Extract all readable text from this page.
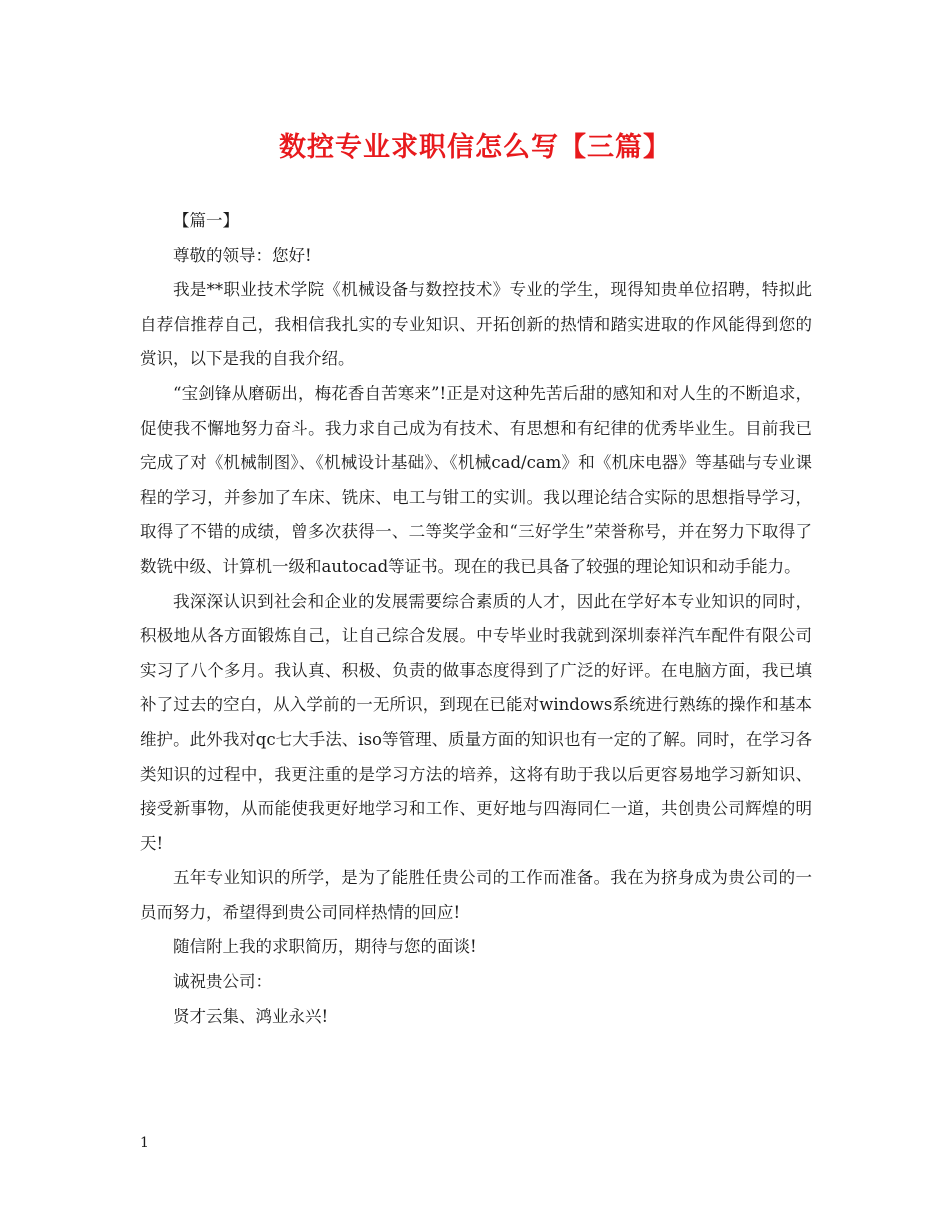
数控专业求职信怎么写【三篇】

【篇一】

尊敬的领导：您好!

我是**职业技术学院《机械设备与数控技术》专业的学生，现得知贵单位招聘，特拟此自荐信推荐自己，我相信我扎实的专业知识、开拓创新的热情和踏实进取的作风能得到您的赏识，以下是我的自我介绍。

“宝剑锋从磨砺出，梅花香自苦寒来”!正是对这种先苦后甜的感知和对人生的不断追求，促使我不懈地努力奋斗。我力求自己成为有技术、有思想和有纪律的优秀毕业生。目前我已完成了对《机械制图》、《机械设计基础》、《机械cad/cam》和《机床电器》等基础与专业课程的学习，并参加了车床、铣床、电工与钳工的实训。我以理论结合实际的思想指导学习，取得了不错的成绩，曾多次获得一、二等奖学金和“三好学生”荣誉称号，并在努力下取得了数铣中级、计算机一级和autocad等证书。现在的我已具备了较强的理论知识和动手能力。

我深深认识到社会和企业的发展需要综合素质的人才，因此在学好本专业知识的同时，积极地从各方面锻炼自己，让自己综合发展。中专毕业时我就到深圳泰祥汽车配件有限公司实习了八个多月。我认真、积极、负责的做事态度得到了广泛的好评。在电脑方面，我已填补了过去的空白，从入学前的一无所识，到现在已能对windows系统进行熟练的操作和基本维护。此外我对qc七大手法、iso等管理、质量方面的知识也有一定的了解。同时，在学习各类知识的过程中，我更注重的是学习方法的培养，这将有助于我以后更容易地学习新知识、接受新事物，从而能使我更好地学习和工作、更好地与四海同仁一道，共创贵公司辉煌的明天!

五年专业知识的所学，是为了能胜任贵公司的工作而准备。我在为挤身成为贵公司的一员而努力，希望得到贵公司同样热情的回应!

随信附上我的求职简历，期待与您的面谈!

诚祝贵公司：

贤才云集、鸿业永兴!

1
